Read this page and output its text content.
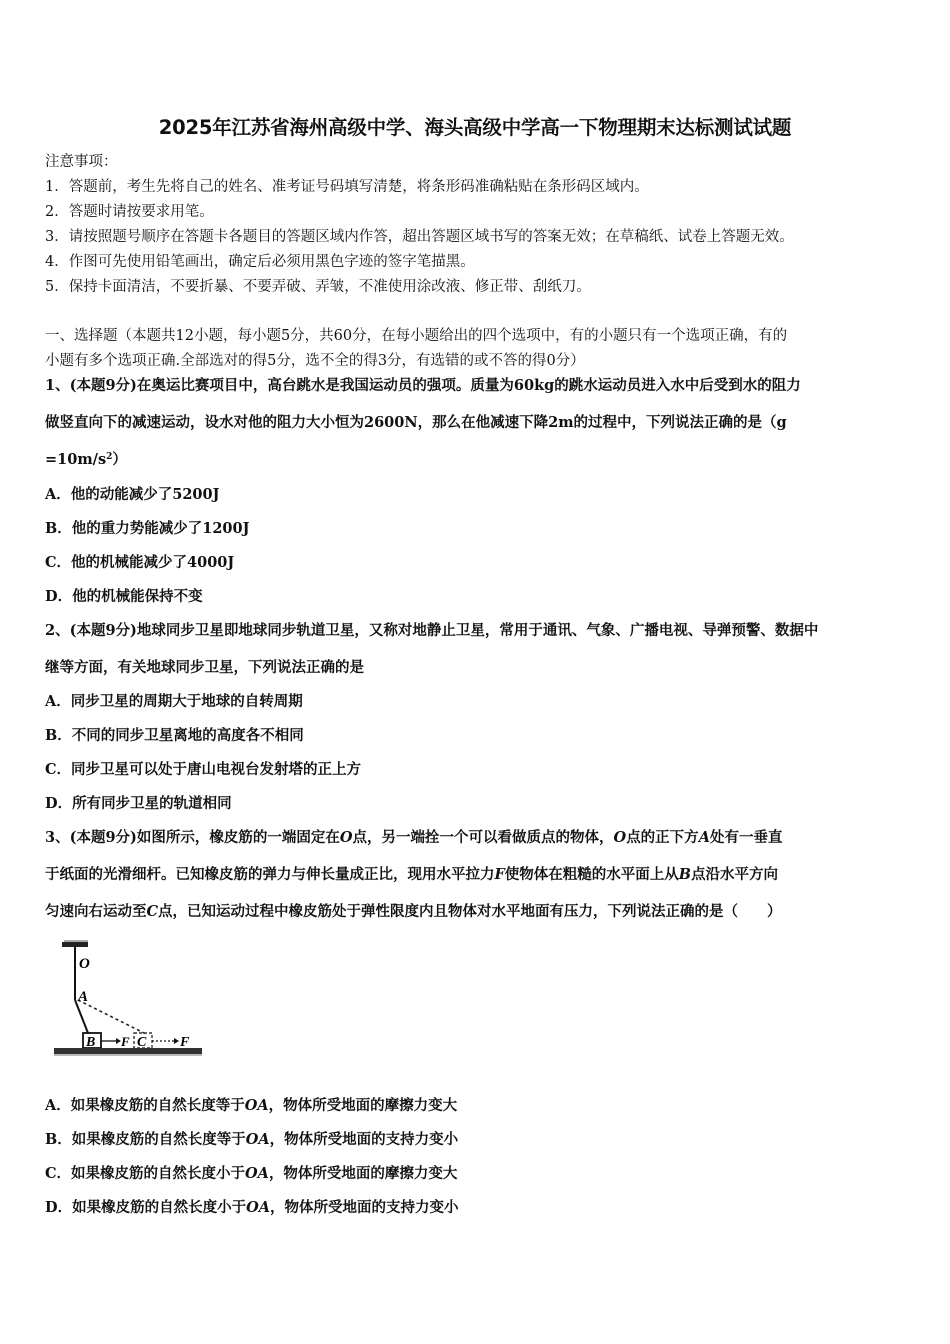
2025年江苏省海州高级中学、海头高级中学高一下物理期末达标测试试题
注意事项：
1．答题前，考生先将自己的姓名、准考证号码填写清楚，将条形码准确粘贴在条形码区域内。
2．答题时请按要求用笔。
3．请按照题号顺序在答题卡各题目的答题区域内作答，超出答题区域书写的答案无效；在草稿纸、试卷上答题无效。
4．作图可先使用铅笔画出，确定后必须用黑色字迹的签字笔描黑。
5．保持卡面清洁，不要折暴、不要弄破、弄皱，不准使用涂改液、修正带、刮纸刀。
一、选择题（本题共12小题，每小题5分，共60分，在每小题给出的四个选项中，有的小题只有一个选项正确，有的
小题有多个选项正确.全部选对的得5分，选不全的得3分，有选错的或不答的得0分）
1、(本题9分)在奥运比赛项目中，高台跳水是我国运动员的强项。质量为60kg的跳水运动员进入水中后受到水的阻力
做竖直向下的减速运动，设水对他的阻力大小恒为2600N，那么在他减速下降2m的过程中，下列说法正确的是（g
$=10m/s^2$）
A．他的动能减少了5200J
B．他的重力势能减少了1200J
C．他的机械能减少了4000J
D．他的机械能保持不变
2、(本题9分)地球同步卫星即地球同步轨道卫星，又称对地静止卫星，常用于通讯、气象、广播电视、导弹预警、数据中
继等方面，有关地球同步卫星，下列说法正确的是
A．同步卫星的周期大于地球的自转周期
B．不同的同步卫星离地的高度各不相同
C．同步卫星可以处于唐山电视台发射塔的正上方
D．所有同步卫星的轨道相同
3、(本题9分)如图所示，橡皮筋的一端固定在O点，另一端拴一个可以看做质点的物体，O点的正下方A处有一垂直
于纸面的光滑细杆。已知橡皮筋的弹力与伸长量成正比，现用水平拉力F使物体在粗糙的水平面上从B点沿水平方向
匀速向右运动至C点，已知运动过程中橡皮筋处于弹性限度内且物体对水平地面有压力，下列说法正确的是（　　）
O
A
B F C F
A．如果橡皮筋的自然长度等于OA，物体所受地面的摩擦力变大
B．如果橡皮筋的自然长度等于OA，物体所受地面的支持力变小
C．如果橡皮筋的自然长度小于OA，物体所受地面的摩擦力变大
D．如果橡皮筋的自然长度小于OA，物体所受地面的支持力变小
